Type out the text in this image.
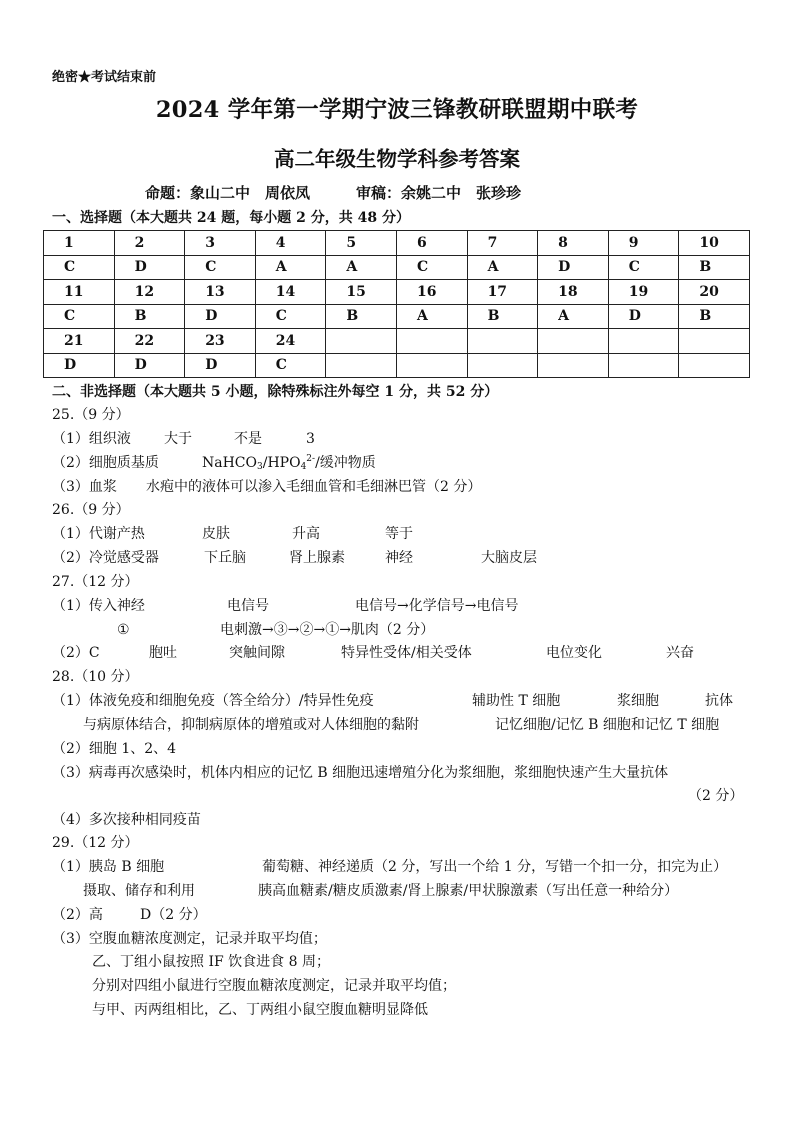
绝密★考试结束前
2024 学年第一学期宁波三锋教研联盟期中联考
高二年级生物学科参考答案
命题：象山二中　周依凤	审稿：余姚二中　张珍珍
一、选择题（本大题共 24 题，每小题 2 分，共 48 分）
1	2	3	4	5	6	7	8	9	10
C	D	C	A	A	C	A	D	C	B
11	12	13	14	15	16	17	18	19	20
C	B	D	C	B	A	B	A	D	B
21	22	23	24						
D	D	D	C						
二、非选择题（本大题共 5 小题，除特殊标注外每空 1 分，共 52 分）
25.（9 分）
（1）组织液 大于	不是	3
（2）细胞质基质	$NaHCO_3/HPO_4^{2-}/$缓冲物质
（3）血浆 水疱中的液体可以渗入毛细血管和毛细淋巴管（2 分）
26.（9 分）
（1）代谢产热	皮肤	升高	等于
（2）冷觉感受器	下丘脑	肾上腺素	神经	大脑皮层
27.（12 分）
（1）传入神经	电信号	电信号→化学信号→电信号
①	电刺激→③→②→①→肌肉（2 分）
（2）C	胞吐	突触间隙	特异性受体/相关受体	电位变化	兴奋
28.（10 分）
（1）体液免疫和细胞免疫（答全给分）/特异性免疫	辅助性 T 细胞	浆细胞	抗体
与病原体结合，抑制病原体的增殖或对人体细胞的黏附	记忆细胞/记忆 B 细胞和记忆 T 细胞
（2）细胞 1、2、4
（3）病毒再次感染时，机体内相应的记忆 B 细胞迅速增殖分化为浆细胞，浆细胞快速产生大量抗体
（2 分）
（4）多次接种相同疫苗
29.（12 分）
（1）胰岛 B 细胞	葡萄糖、神经递质（2 分，写出一个给 1 分，写错一个扣一分，扣完为止）
摄取、储存和利用	胰高血糖素/糖皮质激素/肾上腺素/甲状腺激素（写出任意一种给分）
（2）高	D（2 分）
（3）空腹血糖浓度测定，记录并取平均值；
乙、丁组小鼠按照 IF 饮食进食 8 周；
分别对四组小鼠进行空腹血糖浓度测定，记录并取平均值；
与甲、丙两组相比，乙、丁两组小鼠空腹血糖明显降低
